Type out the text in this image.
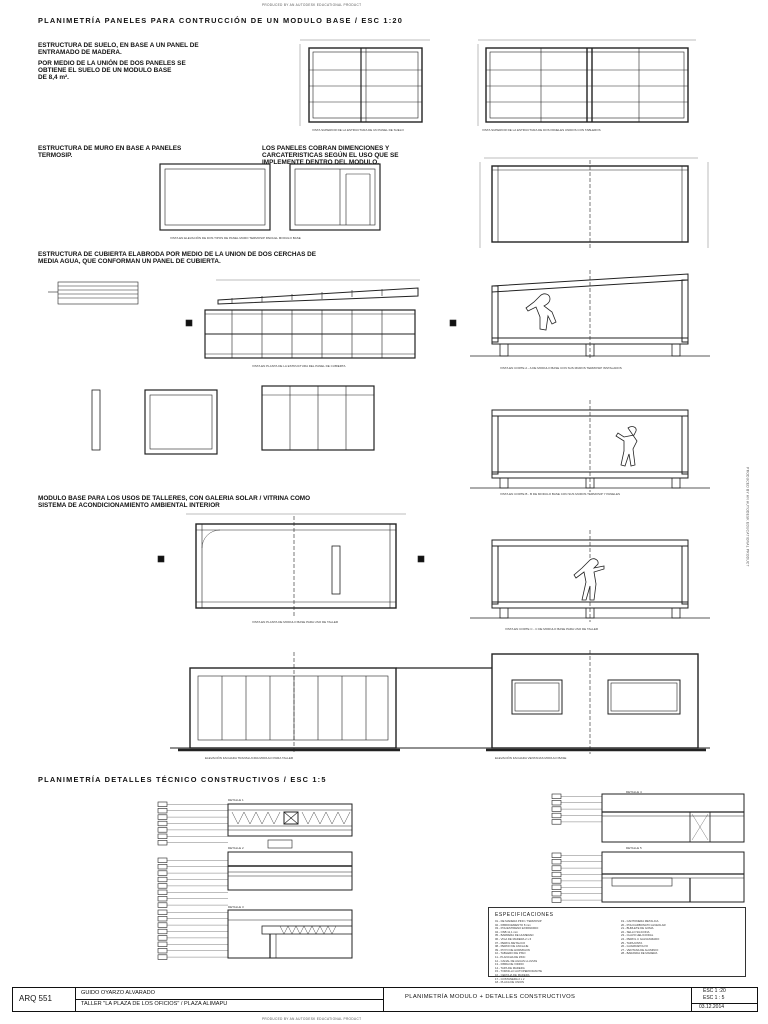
PRODUCED BY AN AUTODESK EDUCATIONAL PRODUCT
PRODUCED BY AN AUTODESK EDUCATIONAL PRODUCT
PRODUCED BY AN AUTODESK EDUCATIONAL PRODUCT
PLANIMETRÍA PANELES PARA CONTRUCCIÓN DE UN MODULO BASE / ESC 1:20
ESTRUCTURA DE SUELO, EN BASE A UN PANEL DE
ENTRAMADO DE MADERA.
POR MEDIO DE LA UNIÓN DE DOS PANELES SE
OBTIENE EL SUELO DE UN MODULO BASE
DE 8,4 m².
ESTRUCTURA DE MURO EN BASE A PANELES
TERMOSIP.
LOS PANELES COBRAN DIMENCIONES Y
CARCATERISTICAS SEGÚN EL USO QUE SE
IMPLEMENTE DENTRO DEL MODULO.
ESTRUCTURA DE CUBIERTA ELABRODA POR MEDIO DE LA UNION DE DOS CERCHAS DE
MEDIA AGUA, QUE CONFORMAN UN PANEL DE CUBIERTA.
MODULO BASE PARA LOS USOS DE TALLERES, CON GALERIA SOLAR / VITRINA COMO
SISTEMA DE ACONDICIONAMIENTO AMBIENTAL INTERIOR
PLANIMETRÍA DETALLES TÉCNICO CONSTRUCTIVOS / ESC 1:5
VISTA SUPERIOR DE LA ESTRUCTURA DE UN PANEL DE SUELO	VISTA SUPERIOR DE LA ESTRUCTURA DE DOS PANELES UNIDOS CON TABLEROS
VISTA EN ELEVACIÓN DE DOS TIPOS DE PANEL MURO TERMOSIP PARA EL MODULO BASE
VISTA EN PLANTA DE LA ESTRUCTURA DEL PANEL DE CUBIERTA	VISTA EN CORTE A - A DE MODULO BASE CON SUS MUROS TERMOSIP INSTALADOS
VISTA EN CORTE B - B DE MODULO BASE CON SUS MUROS TERMOSIP Y PANELES
VISTA EN PLANTA DE MODULO BASE PARA USO DE TALLER
VISTA EN CORTE C - C DE MODULO BASE PARA USO DE TALLER
ELEVACIÓN FACHADA TRANSLUCIDA MODULO PARA TALLER	ELEVACIÓN FACHADA VENTANAS MODULO BASE
DETALLE 1
DETALLE 2
DETALLE 3
DETALLE 4
DETALLE 5
ESPECIFICACIONES
01.- DE MADERA PINO / TERMOSIP
02.- FIBROCEMENTO 8 mm
03.- POLIESTIRENO EXPANDIDO
04.- OSB 11,1 mm
05.- BARRERA DE HUMEDAD
06.- VIGA DE MADERA 2 x 6
07.- PERFIL METALICO
08.- PERNO DE ANCLAJE
09.- POYO DE HORMIGON
10.- TABLERO DE PISO
11.- PLANCHA DE ZINC
12.- CANAL DE AGUAS LLUVIAS
13.- FIBRA DE VIDRIO
14.- TAPA DE MADERA
15.- TORNILLO AUTOPERFORANTE
16.- CERCHA DE MADERA
17.- COSTANERA 2 x 2
18.- PLACA DE UNION
19.- CANTONERA METALICA
20.- POLICARBONATO ALVEOLAR
21.- BURLETE DE GOMA
22.- SELLO SILICONA
23.- CLAVO HELICOIDAL
24.- PERFIL U GALVANIZADO
25.- TAPAJUNTA
26.- GUARDAPOLVO
27.- VENTANA DE ALUMINIO
28.- BARANDA DE MADERA
ARQ 551
GUIDO OYARZO ALVARADO
TALLER "LA PLAZA DE LOS OFICIOS" / PLAZA ALIMAPU
PLANIMETRÍA MODULO + DETALLES CONSTRUCTIVOS
ESC 1 :20
ESC 1 : 5
03.12.2014
